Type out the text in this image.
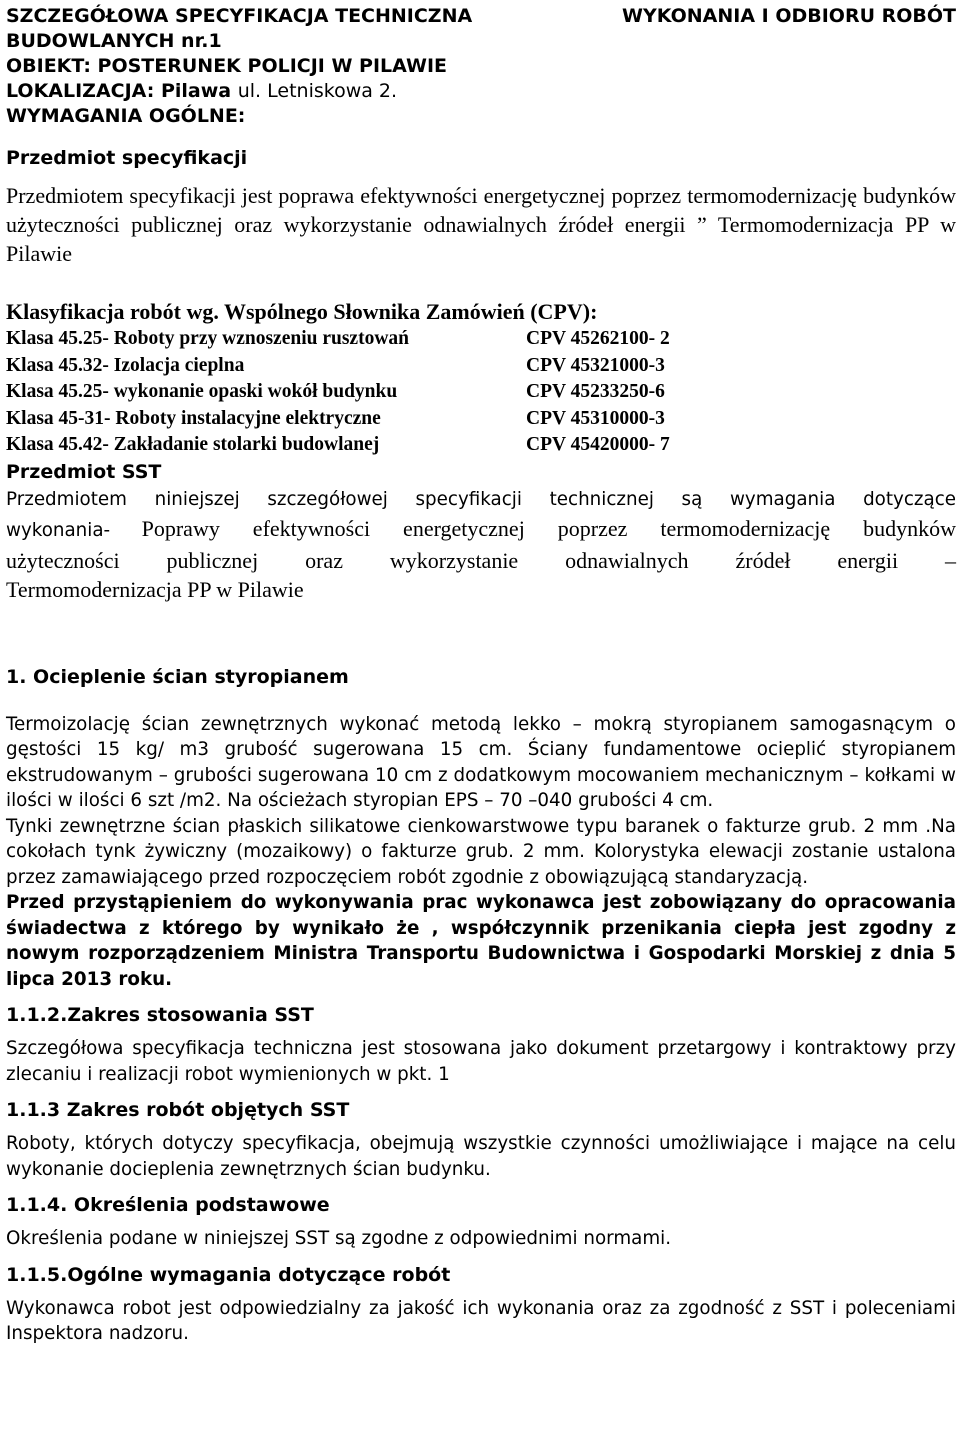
SZCZEGÓŁOWA SPECYFIKACJA TECHNICZNA	WYKONANIA I ODBIORU ROBÓT
BUDOWLANYCH nr.1
OBIEKT: POSTERUNEK POLICJI W PILAWIE
LOKALIZACJA: Pilawa ul. Letniskowa 2.
WYMAGANIA OGÓLNE:
Przedmiot specyfikacji
Przedmiotem specyfikacji jest poprawa efektywności energetycznej poprzez termomodernizację budynków użyteczności publicznej oraz wykorzystanie odnawialnych źródeł energii ” Termomodernizacja PP w Pilawie
Klasyfikacja robót wg. Wspólnego Słownika Zamówień (CPV):
Klasa 45.25- Roboty przy wznoszeniu rusztowań	CPV 45262100- 2
Klasa 45.32- Izolacja cieplna	CPV 45321000-3
Klasa 45.25- wykonanie opaski wokół budynku	CPV 45233250-6
Klasa 45-31- Roboty instalacyjne elektryczne	CPV 45310000-3
Klasa 45.42- Zakładanie stolarki budowlanej	CPV 45420000- 7
Przedmiot SST
Przedmiotem niniejszej szczegółowej specyfikacji technicznej są wymagania dotyczące
wykonania- Poprawy efektywności energetycznej poprzez termomodernizację budynków
użyteczności publicznej oraz wykorzystanie odnawialnych źródeł energii –
Termomodernizacja PP w Pilawie
1. Ocieplenie ścian styropianem
Termoizolację ścian zewnętrznych wykonać metodą lekko – mokrą styropianem samogasnącym o gęstości 15 kg/ m3 grubość sugerowana 15 cm. Ściany fundamentowe ocieplić styropianem ekstrudowanym – grubości sugerowana 10 cm z dodatkowym mocowaniem mechanicznym – kołkami w ilości w ilości 6 szt /m2. Na ościeżach styropian EPS – 70 –040 grubości 4 cm.
Tynki zewnętrzne ścian płaskich silikatowe cienkowarstwowe typu baranek o fakturze grub. 2 mm .Na cokołach tynk żywiczny (mozaikowy) o fakturze grub. 2 mm. Kolorystyka elewacji zostanie ustalona przez zamawiającego przed rozpoczęciem robót zgodnie z obowiązującą standaryzacją.
Przed przystąpieniem do wykonywania prac wykonawca jest zobowiązany do opracowania świadectwa z którego by wynikało że , współczynnik przenikania ciepła jest zgodny z nowym rozporządzeniem Ministra Transportu Budownictwa i Gospodarki Morskiej z dnia 5 lipca 2013 roku.
1.1.2.Zakres stosowania SST
Szczegółowa specyfikacja techniczna jest stosowana jako dokument przetargowy i kontraktowy przy zlecaniu i realizacji robot wymienionych w pkt. 1
1.1.3 Zakres robót objętych SST
Roboty, których dotyczy specyfikacja, obejmują wszystkie czynności umożliwiające i mające na celu wykonanie docieplenia zewnętrznych ścian budynku.
1.1.4. Określenia podstawowe
Określenia podane w niniejszej SST są zgodne z odpowiednimi normami.
1.1.5.Ogólne wymagania dotyczące robót
Wykonawca robot jest odpowiedzialny za jakość ich wykonania oraz za zgodność z SST i poleceniami Inspektora nadzoru.
